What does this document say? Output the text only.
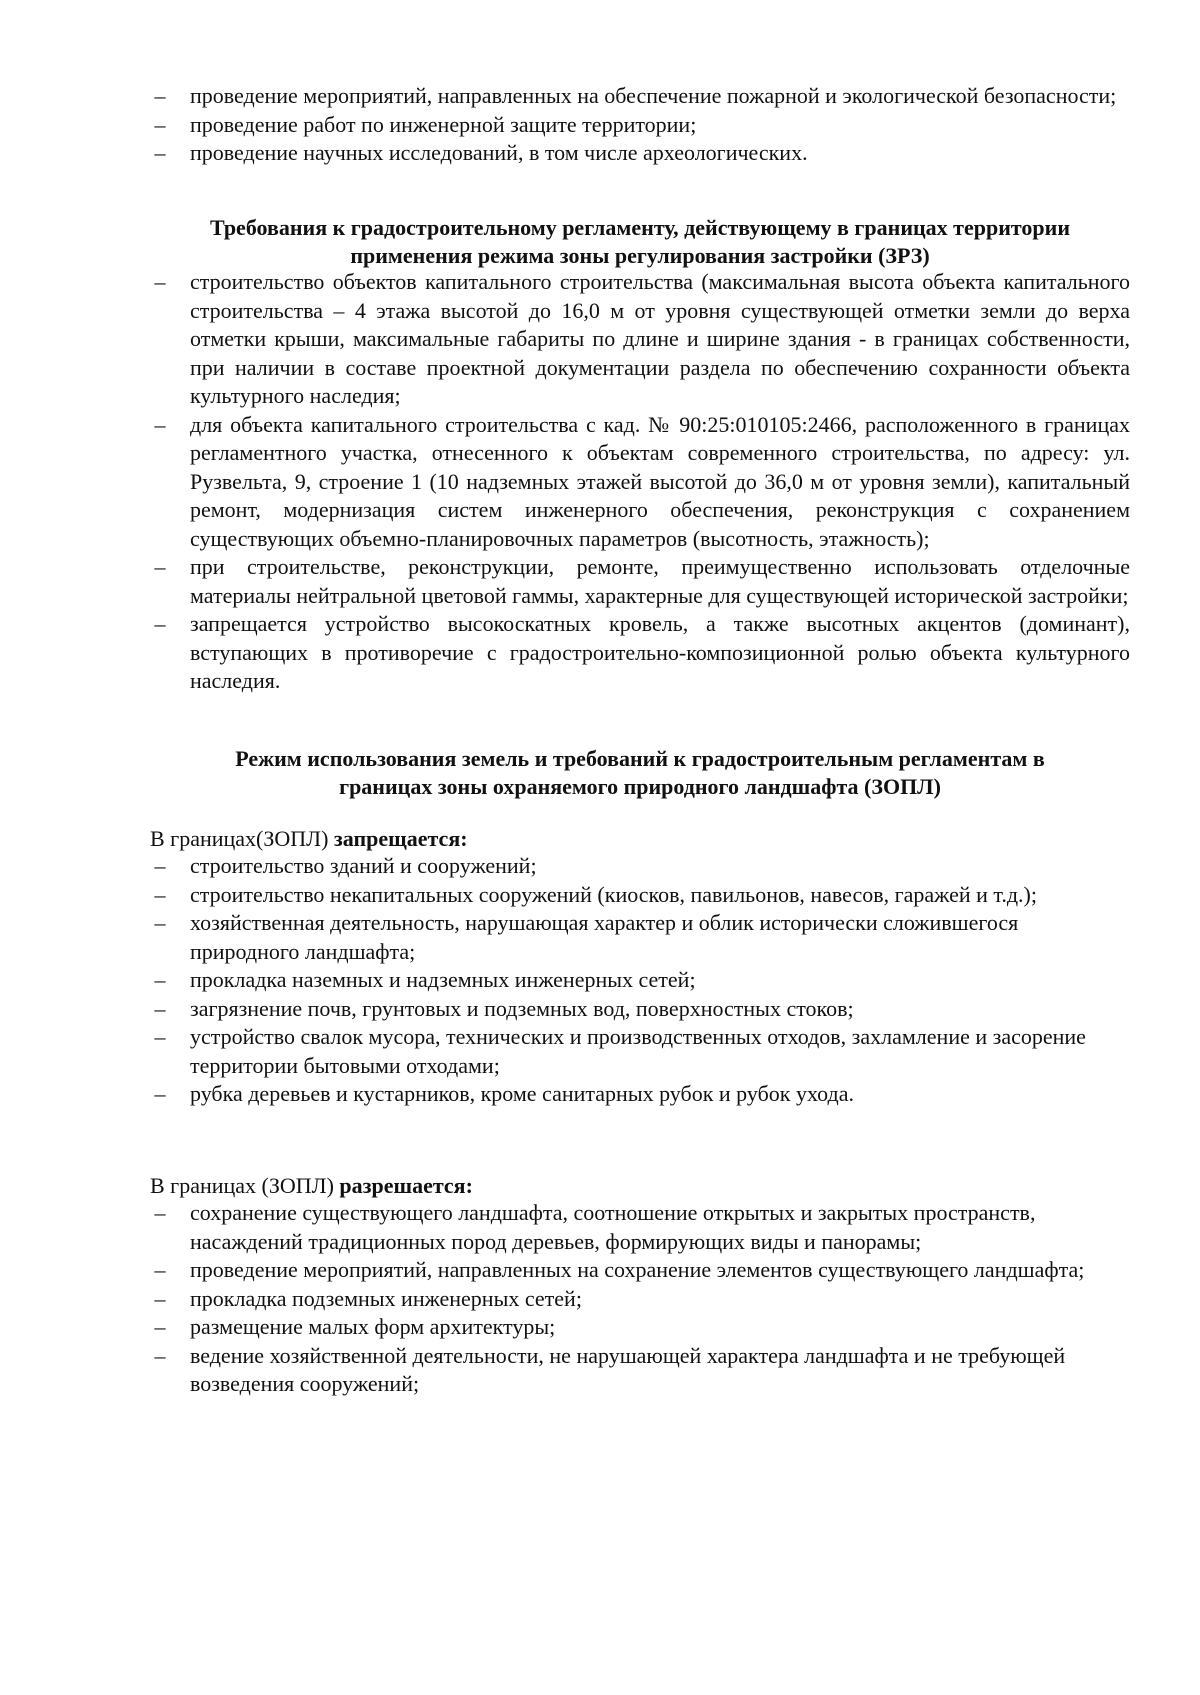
– проведение мероприятий, направленных на обеспечение пожарной и экологической безопасности;
– проведение работ по инженерной защите территории;
– проведение научных исследований, в том числе археологических.
Требования к градостроительному регламенту, действующему в границах территории
применения режима зоны регулирования застройки (ЗРЗ)
– строительство объектов капитального строительства (максимальная высота объекта капитального строительства – 4 этажа высотой до 16,0 м от уровня существующей отметки земли до верха отметки крыши, максимальные габариты по длине и ширине здания - в границах собственности, при наличии в составе проектной документации раздела по обеспечению сохранности объекта культурного наследия;
– для объекта капитального строительства с кад. № 90:25:010105:2466, расположенного в границах регламентного участка, отнесенного к объектам современного строительства, по адресу: ул. Рузвельта, 9, строение 1 (10 надземных этажей высотой до 36,0 м от уровня земли), капитальный ремонт, модернизация систем инженерного обеспечения, реконструкция с сохранением существующих объемно-планировочных параметров (высотность, этажность);
– при строительстве, реконструкции, ремонте, преимущественно использовать отделочные материалы нейтральной цветовой гаммы, характерные для существующей исторической застройки;
– запрещается устройство высокоскатных кровель, а также высотных акцентов (доминант), вступающих в противоречие с градостроительно-композиционной ролью объекта культурного наследия.
Режим использования земель и требований к градостроительным регламентам в
границах зоны охраняемого природного ландшафта (ЗОПЛ)

В границах(ЗОПЛ) запрещается:

– строительство зданий и сооружений;
– строительство некапитальных сооружений (киосков, павильонов, навесов, гаражей и т.д.);
– хозяйственная деятельность, нарушающая характер и облик исторически сложившегося природного ландшафта;
– прокладка наземных и надземных инженерных сетей;
– загрязнение почв, грунтовых и подземных вод, поверхностных стоков;
– устройство свалок мусора, технических и производственных отходов, захламление и засорение территории бытовыми отходами;
– рубка деревьев и кустарников, кроме санитарных рубок и рубок ухода.

В границах (ЗОПЛ) разрешается:

– сохранение существующего ландшафта, соотношение открытых и закрытых пространств, насаждений традиционных пород деревьев, формирующих виды и панорамы;
– проведение мероприятий, направленных на сохранение элементов существующего ландшафта;
– прокладка подземных инженерных сетей;
– размещение малых форм архитектуры;
– ведение хозяйственной деятельности, не нарушающей характера ландшафта и не требующей возведения сооружений;
